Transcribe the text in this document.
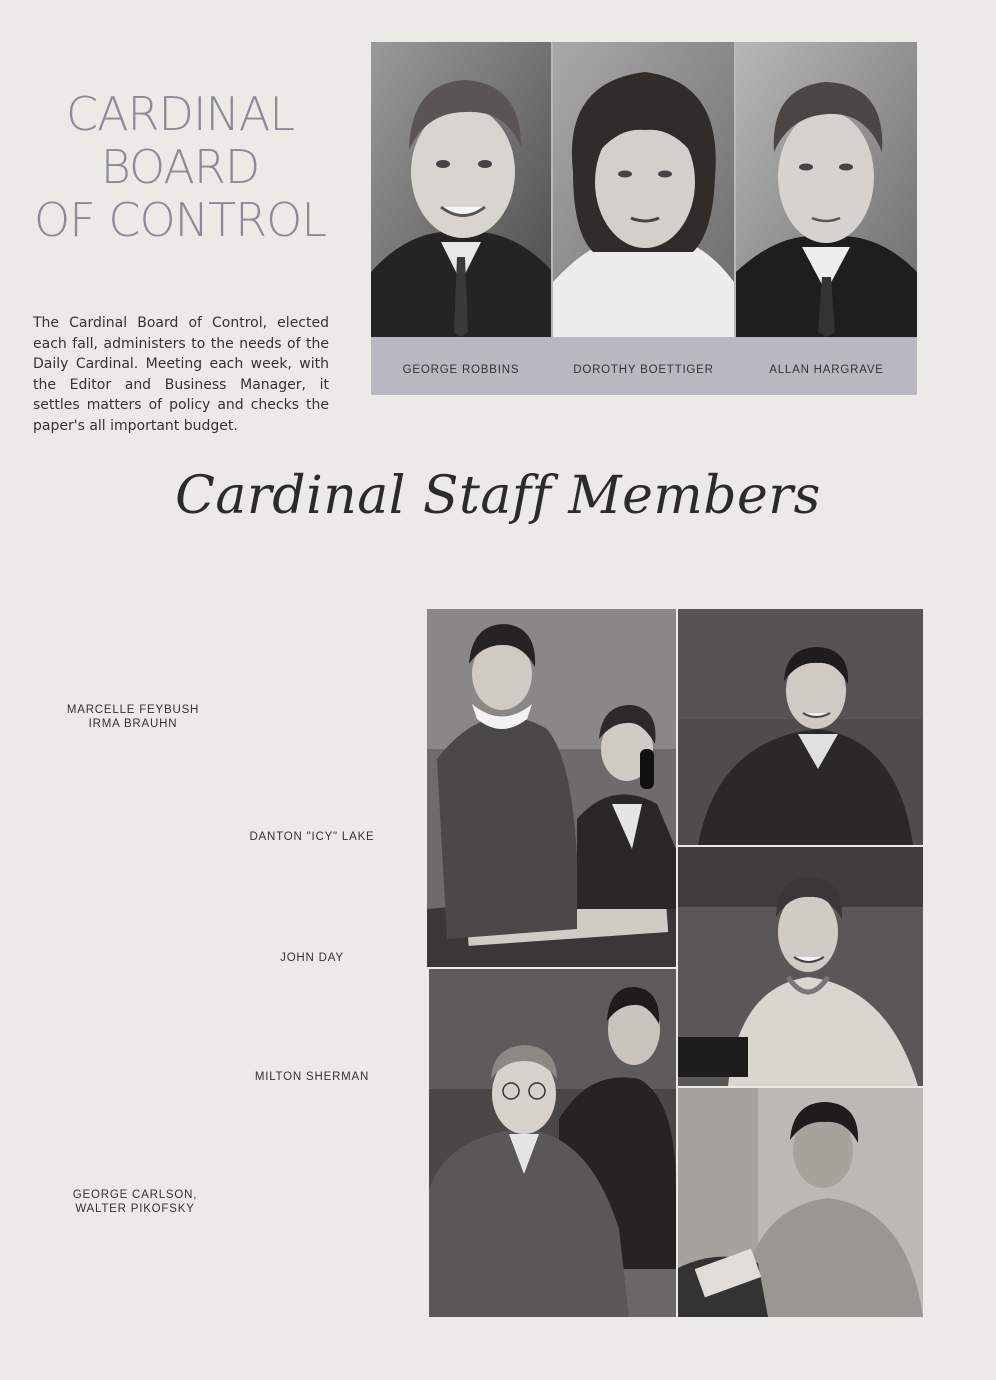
CARDINAL
BOARD
OF CONTROL
The Cardinal Board of Control, elected each fall, administers to the needs of the Daily Cardinal. Meeting each week, with the Editor and Business Manager, it settles matters of policy and checks the paper's all important budget.
GEORGE ROBBINS	DOROTHY BOETTIGER	ALLAN HARGRAVE
Cardinal Staff Members
MARCELLE FEYBUSH
IRMA BRAUHN
DANTON "ICY" LAKE
JOHN DAY
MILTON SHERMAN
GEORGE CARLSON,
WALTER PIKOFSKY
